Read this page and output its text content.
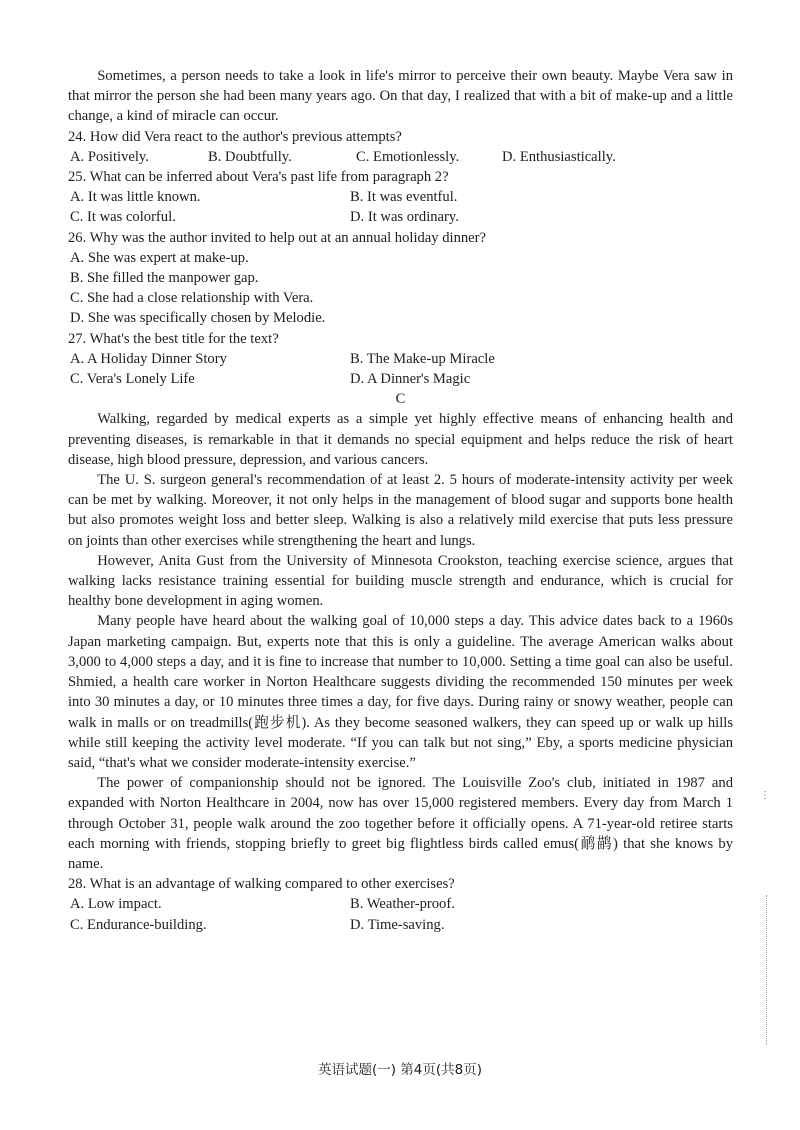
Sometimes, a person needs to take a look in life's mirror to perceive their own beauty. Maybe Vera saw in that mirror the person she had been many years ago. On that day, I realized that with a bit of make-up and a little change, a kind of miracle can occur.

24. How did Vera react to the author's previous attempts?

A. Positively.	B. Doubtfully.	C. Emotionlessly.	D. Enthusiastically.

25. What can be inferred about Vera's past life from paragraph 2?

A. It was little known.	B. It was eventful.
C. It was colorful.	D. It was ordinary.

26. Why was the author invited to help out at an annual holiday dinner?

A. She was expert at make-up.
B. She filled the manpower gap.
C. She had a close relationship with Vera.
D. She was specifically chosen by Melodie.

27. What's the best title for the text?

A. A Holiday Dinner Story	B. The Make-up Miracle
C. Vera's Lonely Life	D. A Dinner's Magic

C

Walking, regarded by medical experts as a simple yet highly effective means of enhancing health and preventing diseases, is remarkable in that it demands no special equipment and helps reduce the risk of heart disease, high blood pressure, depression, and various cancers.

The U. S. surgeon general's recommendation of at least 2. 5 hours of moderate-intensity activity per week can be met by walking. Moreover, it not only helps in the management of blood sugar and supports bone health but also promotes weight loss and better sleep. Walking is also a relatively mild exercise that puts less pressure on joints than other exercises while strengthening the heart and lungs.

However, Anita Gust from the University of Minnesota Crookston, teaching exercise science, argues that walking lacks resistance training essential for building muscle strength and endurance, which is crucial for healthy bone development in aging women.

Many people have heard about the walking goal of 10,000 steps a day. This advice dates back to a 1960s Japan marketing campaign. But, experts note that this is only a guideline. The average American walks about 3,000 to 4,000 steps a day, and it is fine to increase that number to 10,000. Setting a time goal can also be useful. Shmied, a health care worker in Norton Healthcare suggests dividing the recommended 150 minutes per week into 30 minutes a day, or 10 minutes three times a day, for five days. During rainy or snowy weather, people can walk in malls or on treadmills(跑步机). As they become seasoned walkers, they can speed up or walk up hills while still keeping the activity level moderate. “If you can talk but not sing,” Eby, a sports medicine physician said, “that's what we consider moderate-intensity exercise.”

The power of companionship should not be ignored. The Louisville Zoo's club, initiated in 1987 and expanded with Norton Healthcare in 2004, now has over 15,000 registered members. Every day from March 1 through October 31, people walk around the zoo together before it officially opens. A 71-year-old retiree starts each morning with friends, stopping briefly to greet big flightless birds called emus(鸸鹋) that she knows by name.

28. What is an advantage of walking compared to other exercises?

A. Low impact.	B. Weather-proof.
C. Endurance-building.	D. Time-saving.
⋮
英语试题(一) 第4页(共8页)
